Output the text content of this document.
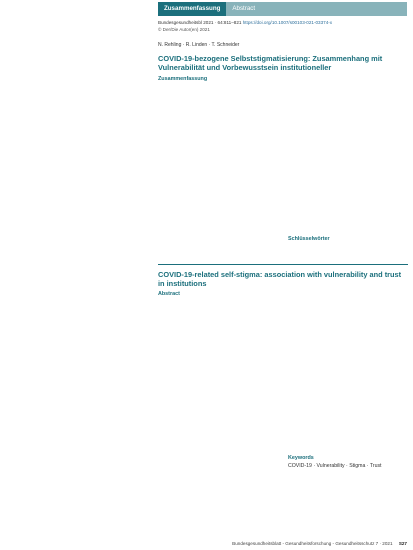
Zusammenfassung	Abstract
Bundesgesundheitsbl 2021 · 64:811–821 https://doi.org/10.1007/s00103-021-03374-x
© Der/Die Autor(en) 2021
N. Rehling · R. Linden · T. Schneider
COVID-19-bezogene Selbststigmatisierung: Zusammenhang mit Vulnerabilität und Vorbewusstsein institutioneller
Zusammenfassung

Schlüsselwörter

COVID-19-related self-stigma: association with vulnerability and trust in institutions
Abstract

Keywords

COVID-19 · Vulnerability · Stigma · Trust

Bundesgesundheitsblatt - Gesundheitsforschung - Gesundheitsschutz 7 · 2021 S27
